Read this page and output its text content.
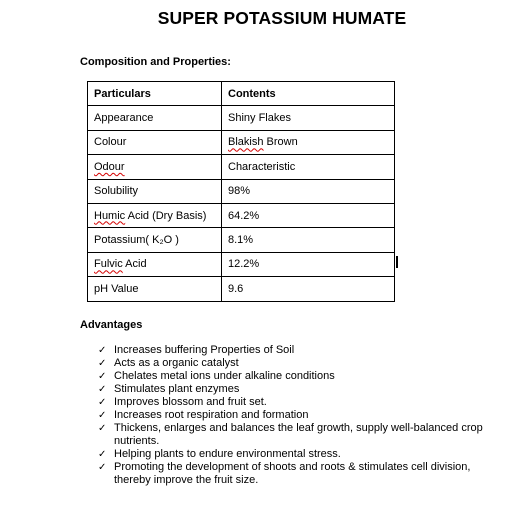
SUPER POTASSIUM HUMATE
Composition and Properties:
Particulars	Contents
Appearance	Shiny Flakes
Colour	Blakish Brown
Odour	Characteristic
Solubility	98%
Humic Acid (Dry Basis)	64.2%
Potassium( K₂O )	8.1%
Fulvic Acid	12.2%
pH Value	9.6
Advantages
✓ Increases buffering Properties of Soil
✓ Acts as a organic catalyst
✓ Chelates metal ions under alkaline conditions
✓ Stimulates plant enzymes
✓ Improves blossom and fruit set.
✓ Increases root respiration and formation
✓ Thickens, enlarges and balances the leaf growth, supply well-balanced crop nutrients.
✓ Helping plants to endure environmental stress.
✓ Promoting the development of shoots and roots & stimulates cell division, thereby improve the fruit size.
